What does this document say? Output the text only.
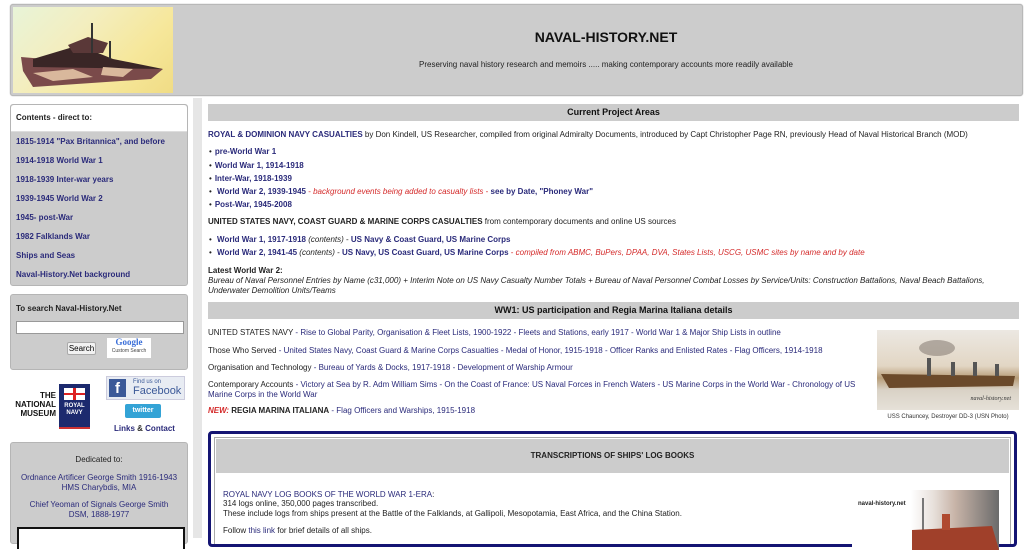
NAVAL-HISTORY.NET
Preserving naval history research and memoirs ..... making contemporary accounts more readily available
Contents - direct to:
1815-1914 "Pax Britannica", and before
1914-1918 World War 1
1918-1939 Inter-war years
1939-1945 World War 2
1945- post-War
1982 Falklands War
Ships and Seas
Naval-History.Net background
To search Naval-History.Net
Search
Google
Custom Search
THE
NATIONAL
MUSEUM
ROYAL
NAVY
f	Find us on
Facebook
twitter
Links & Contact
Dedicated to:
Ordnance Artificer George Smith 1916-1943
HMS Charybdis, MIA
Chief Yeoman of Signals George Smith
DSM, 1888-1977
Current Project Areas
ROYAL & DOMINION NAVY CASUALTIES by Don Kindell, US Researcher, compiled from original Admiralty Documents, introduced by Capt Christopher Page RN, previously Head of Naval Historical Branch (MOD)
• pre-World War 1
• World War 1, 1914-1918
• Inter-War, 1918-1939
• World War 2, 1939-1945 - background events being added to casualty lists - see by Date, "Phoney War"
• Post-War, 1945-2008
UNITED STATES NAVY, COAST GUARD & MARINE CORPS CASUALTIES from contemporary documents and online US sources
• World War 1, 1917-1918 (contents) - US Navy & Coast Guard, US Marine Corps
• World War 2, 1941-45 (contents) - US Navy, US Coast Guard, US Marine Corps - compiled from ABMC, BuPers, DPAA, DVA, States Lists, USCG, USMC sites by name and by date
Latest World War 2:
Bureau of Naval Personnel Entries by Name (c31,000) + Interim Note on US Navy Casualty Number Totals + Bureau of Naval Personnel Combat Losses by Service/Units: Construction Battalions, Naval Beach Battalions, Underwater Demolition Units/Teams
WW1: US participation and Regia Marina Italiana details
UNITED STATES NAVY - Rise to Global Parity, Organisation & Fleet Lists, 1900-1922 - Fleets and Stations, early 1917 - World War 1 & Major Ship Lists in outline
Those Who Served - United States Navy, Coast Guard & Marine Corps Casualties - Medal of Honor, 1915-1918 - Officer Ranks and Enlisted Rates - Flag Officers, 1914-1918
Organisation and Technology - Bureau of Yards & Docks, 1917-1918 - Development of Warship Armour
Contemporary Accounts - Victory at Sea by R. Adm William Sims - On the Coast of France: US Naval Forces in French Waters - US Marine Corps in the World War - Chronology of US Marine Corps in the World War
NEW: REGIA MARINA ITALIANA - Flag Officers and Warships, 1915-1918
naval-history.net
USS Chauncey, Destroyer DD-3 (USN Photo)
TRANSCRIPTIONS OF SHIPS' LOG BOOKS
ROYAL NAVY LOG BOOKS OF THE WORLD WAR 1-ERA:
314 logs online, 350,000 pages transcribed.
These include logs from ships present at the Battle of the Falklands, at Gallipoli, Mesopotamia, East Africa, and the China Station.
Follow this link for brief details of all ships.
naval-history.net
